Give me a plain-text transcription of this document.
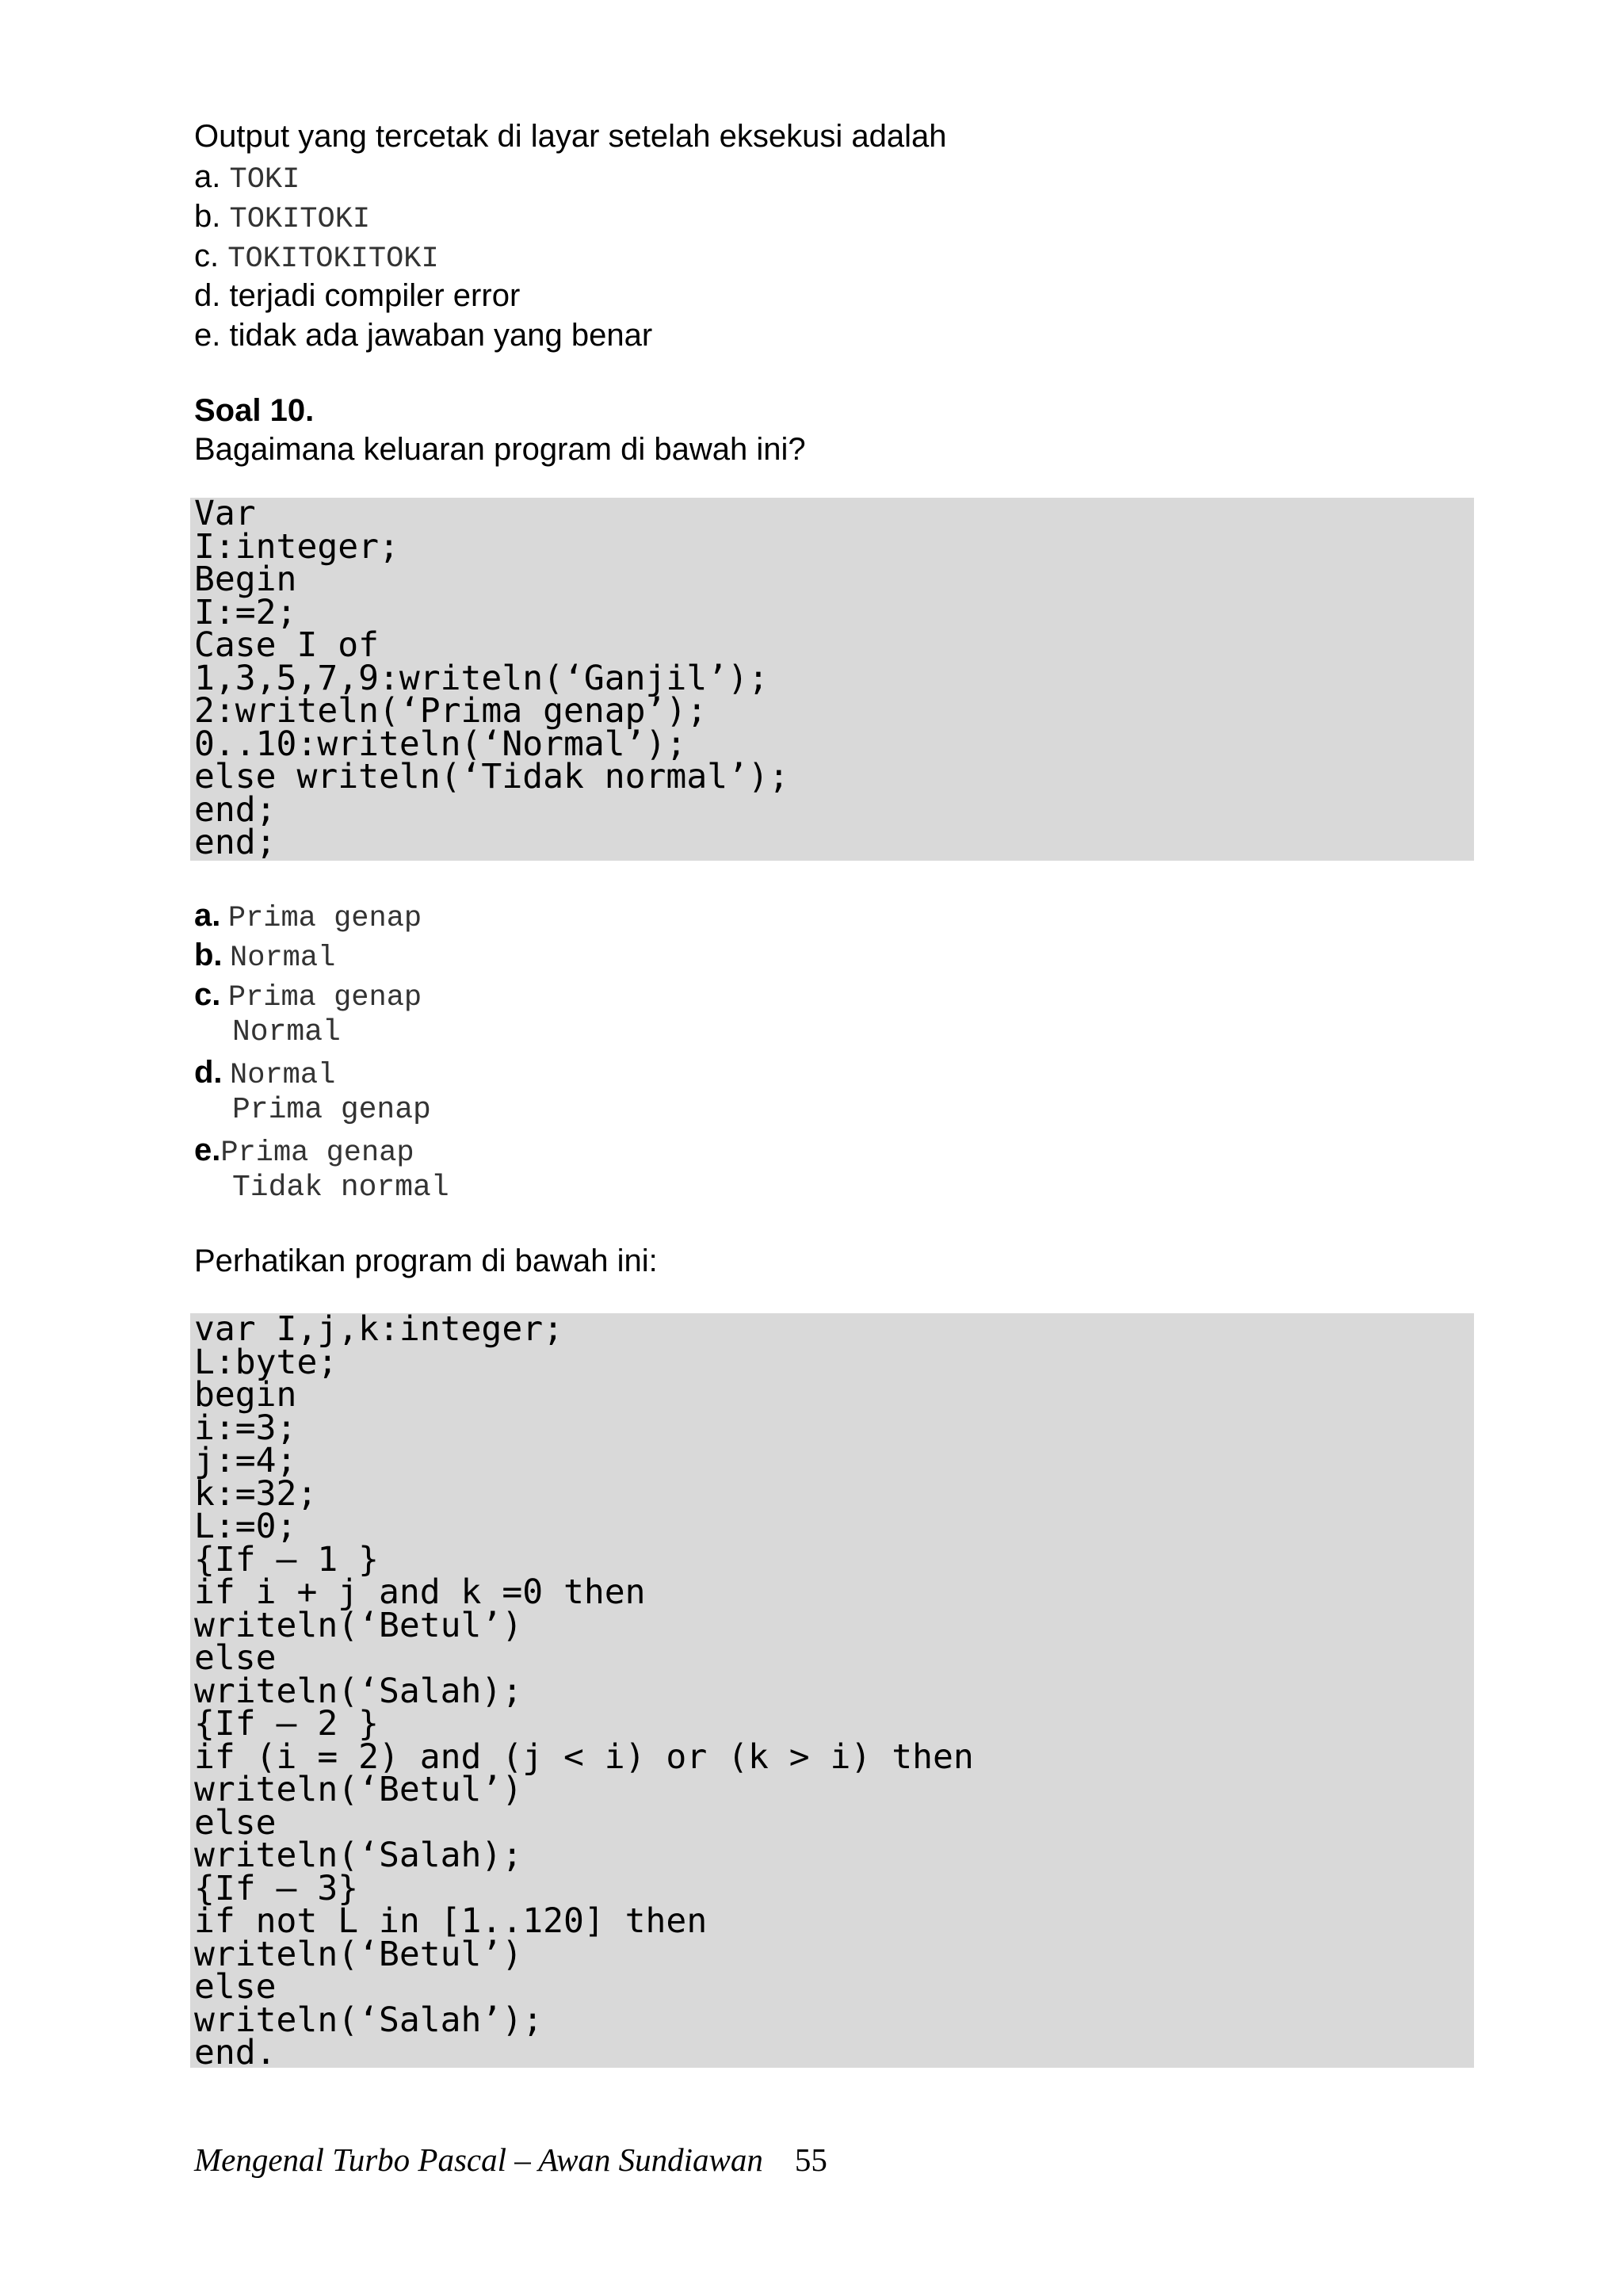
Output yang tercetak di layar setelah eksekusi adalah
a. TOKI
b. TOKITOKI
c. TOKITOKITOKI
d. terjadi compiler error
e. tidak ada jawaban yang benar
Soal 10.
Bagaimana keluaran program di bawah ini?
Var
I:integer;
Begin
I:=2;
Case I of
1,3,5,7,9:writeln(‘Ganjil’);
2:writeln(‘Prima genap’);
0..10:writeln(‘Normal’);
else writeln(‘Tidak normal’);
end;
end;
a. Prima genap
b. Normal
c. Prima genap
Normal
d. Normal
Prima genap
e.Prima genap
Tidak normal
Perhatikan program di bawah ini:
var I,j,k:integer;
L:byte;
begin
i:=3;
j:=4;
k:=32;
L:=0;
{If – 1 }
if i + j and k =0 then
writeln(‘Betul’)
else
writeln(‘Salah);
{If – 2 }
if (i = 2) and (j < i) or (k > i) then
writeln(‘Betul’)
else
writeln(‘Salah);
{If – 3}
if not L in [1..120] then
writeln(‘Betul’)
else
writeln(‘Salah’);
end.
Mengenal Turbo Pascal – Awan Sundiawan 55
